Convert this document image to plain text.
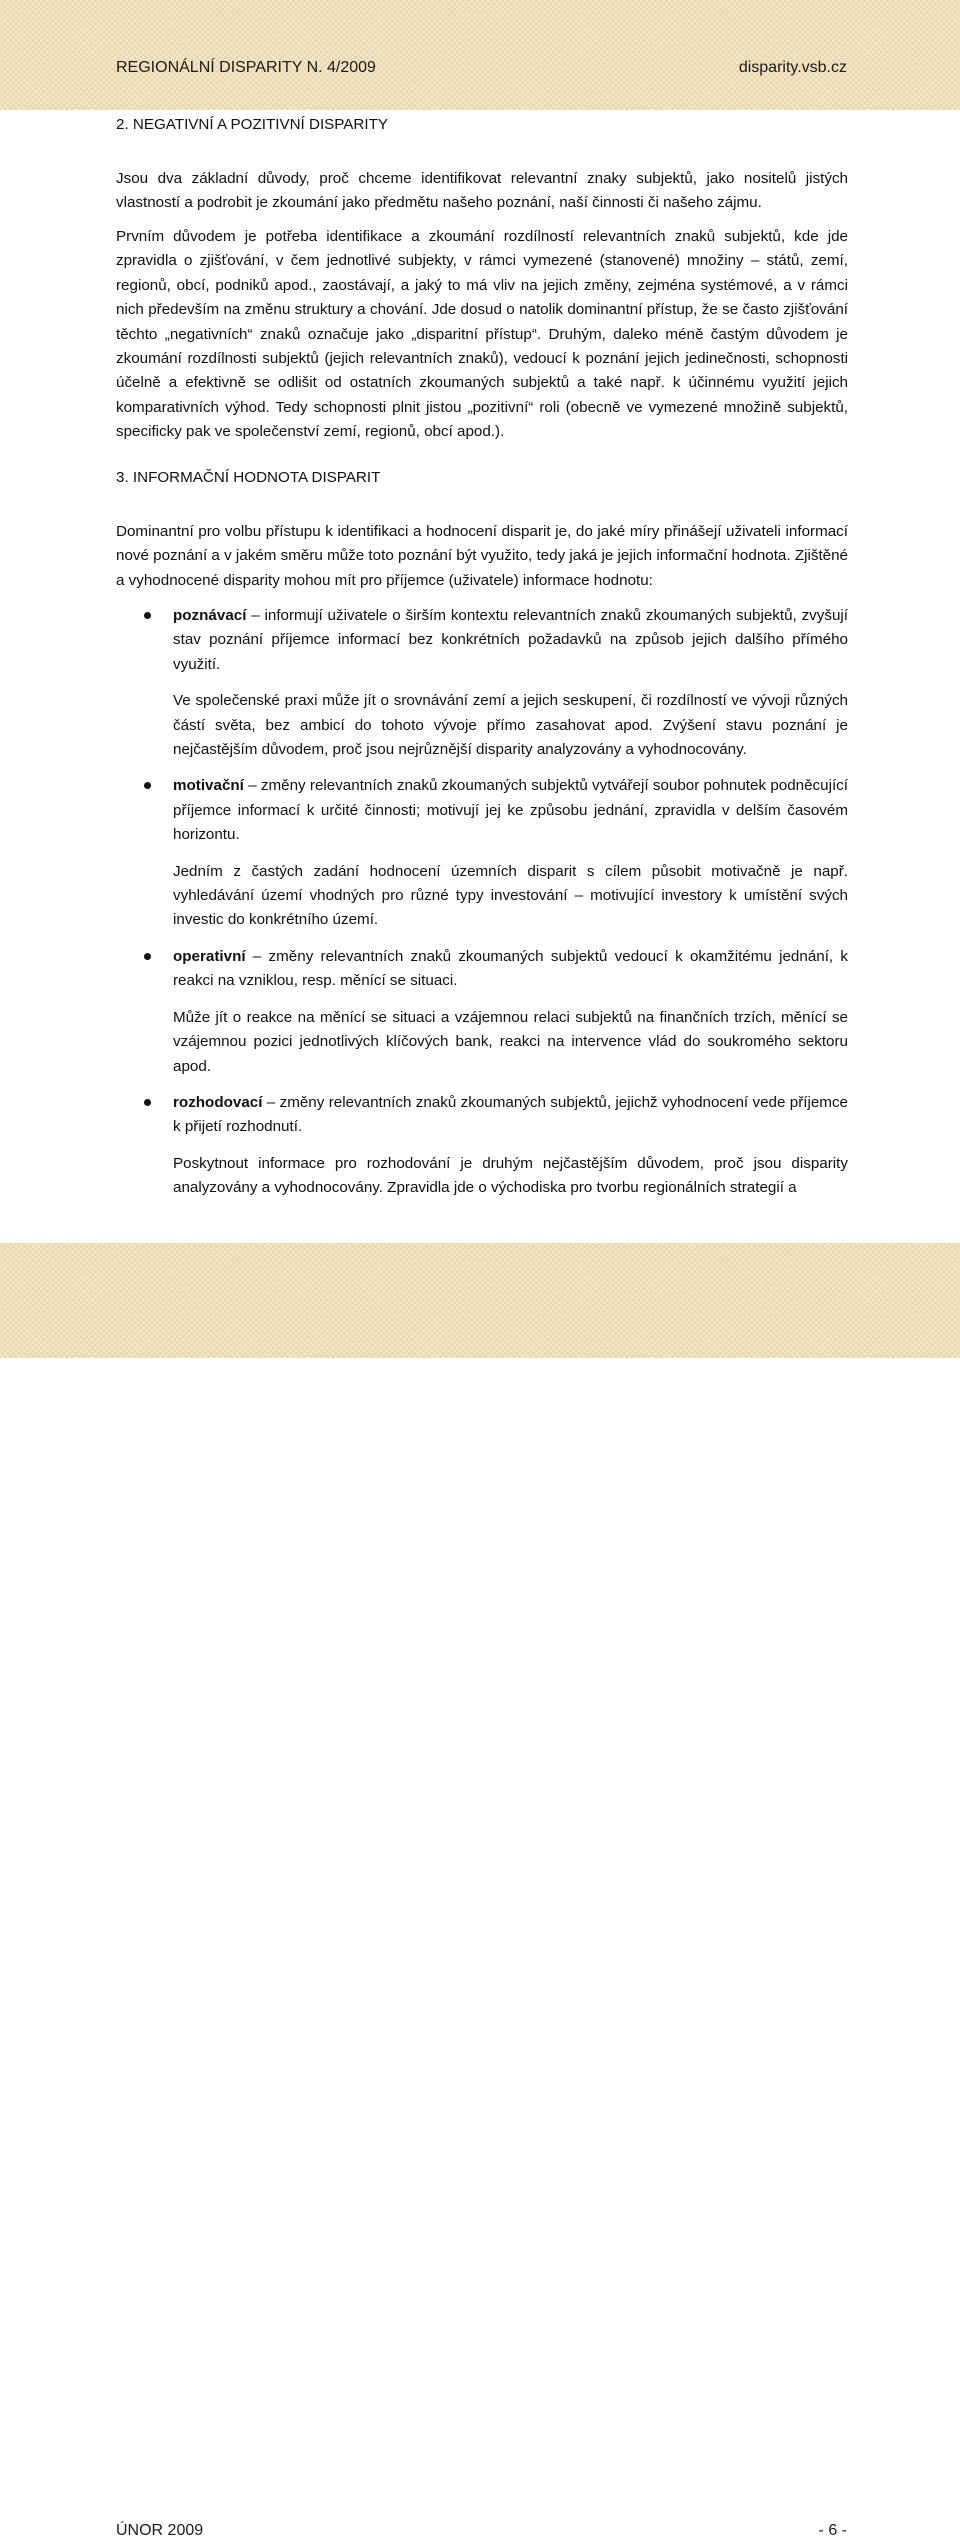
REGIONÁLNÍ DISPARITY N. 4/2009	disparity.vsb.cz
2. NEGATIVNÍ A POZITIVNÍ DISPARITY

Jsou dva základní důvody, proč chceme identifikovat relevantní znaky subjektů, jako nositelů jistých vlastností a podrobit je zkoumání jako předmětu našeho poznání, naší činnosti či našeho zájmu.

Prvním důvodem je potřeba identifikace a zkoumání rozdílností relevantních znaků subjektů, kde jde zpravidla o zjišťování, v čem jednotlivé subjekty, v rámci vymezené (stanovené) množiny – států, zemí, regionů, obcí, podniků apod., zaostávají, a jaký to má vliv na jejich změny, zejména systémové, a v rámci nich především na změnu struktury a chování. Jde dosud o natolik dominantní přístup, že se často zjišťování těchto „negativních“ znaků označuje jako „disparitní přístup“. Druhým, daleko méně častým důvodem je zkoumání rozdílnosti subjektů (jejich relevantních znaků), vedoucí k poznání jejich jedinečnosti, schopnosti účelně a efektivně se odlišit od ostatních zkoumaných subjektů a také např. k účinnému využití jejich komparativních výhod. Tedy schopnosti plnit jistou „pozitivní“ roli (obecně ve vymezené množině subjektů, specificky pak ve společenství zemí, regionů, obcí apod.).

3. INFORMAČNÍ HODNOTA DISPARIT

Dominantní pro volbu přístupu k identifikaci a hodnocení disparit je, do jaké míry přinášejí uživateli informací nové poznání a v jakém směru může toto poznání být využito, tedy jaká je jejich informační hodnota. Zjištěné a vyhodnocené disparity mohou mít pro příjemce (uživatele) informace hodnotu:

poznávací – informují uživatele o širším kontextu relevantních znaků zkoumaných subjektů, zvyšují stav poznání příjemce informací bez konkrétních požadavků na způsob jejich dalšího přímého využití.

Ve společenské praxi může jít o srovnávání zemí a jejich seskupení, či rozdílností ve vývoji různých částí světa, bez ambicí do tohoto vývoje přímo zasahovat apod. Zvýšení stavu poznání je nejčastějším důvodem, proč jsou nejrůznější disparity analyzovány a vyhodnocovány.

motivační – změny relevantních znaků zkoumaných subjektů vytvářejí soubor pohnutek podněcující příjemce informací k určité činnosti; motivují jej ke způsobu jednání, zpravidla v delším časovém horizontu.

Jedním z častých zadání hodnocení územních disparit s cílem působit motivačně je např. vyhledávání území vhodných pro různé typy investování – motivující investory k umístění svých investic do konkrétního území.

operativní – změny relevantních znaků zkoumaných subjektů vedoucí k okamžitému jednání, k reakci na vzniklou, resp. měnící se situaci.

Může jít o reakce na měnící se situaci a vzájemnou relaci subjektů na finančních trzích, měnící se vzájemnou pozici jednotlivých klíčových bank, reakci na intervence vlád do soukromého sektoru apod.

rozhodovací – změny relevantních znaků zkoumaných subjektů, jejichž vyhodnocení vede příjemce k přijetí rozhodnutí.

Poskytnout informace pro rozhodování je druhým nejčastějším důvodem, proč jsou disparity analyzovány a vyhodnocovány. Zpravidla jde o východiska pro tvorbu regionálních strategií a

ÚNOR 2009	- 6 -
